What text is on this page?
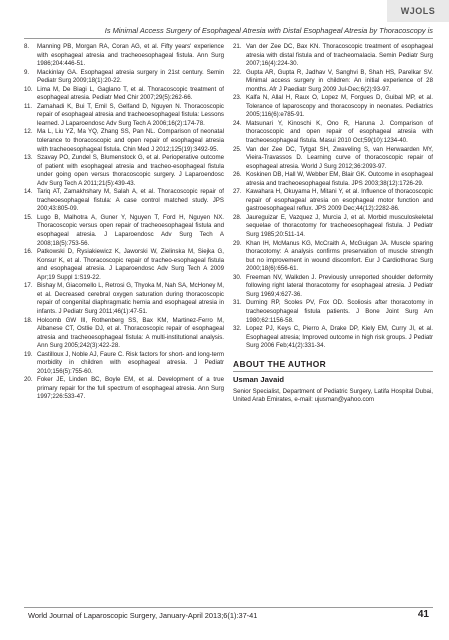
WJOLS
Is Minimal Access Surgery of Esophageal Atresia with Distal Esophageal Atresia by Thoracoscopy is
8.	Manning PB, Morgan RA, Coran AG, et al. Fifty years' experience with esophageal atresia and tracheoesophageal fistula. Ann Surg 1986;204:446-51.
9.	Mackinlay GA. Esophageal atresia surgery in 21st century. Semin Pediatr Surg 2009;18(1):20-22.
10. Lima M, De Biagi L, Gaglano T, et al. Thoracoscopic treatment of esophageal atresia. Pediatr Med Chir 2007;29(5):262-66.
11. Zamahadi K, Bui T, Emil S, Gelfand D, Nguyen N. Thoracoscopic repair of esophageal atresia and tracheoesophageal fistula: Lessons learned. J Laparoendosc Adv Surg Tech A 2006;16(2):174-78.
12. Ma L, Liu YZ, Ma YQ, Zhang SS, Pan NL. Comparison of neonatal tolerance to thoracoscopic and open repair of esophageal atresia with tracheoesophageal fistula. Chin Med J 2012;125(19):3492-95.
13. Szavay PO, Zundel S, Blumenstock G, et al. Perioperative outcome of patient with esophageal atresia and tracheo-esophageal fistula under going open versus thoracoscopic surgery. J Laparoendosc Adv Surg Tech A 2011;21(5):439-43.
14. Tariq AT, Zamakhshary M, Salah A, et al. Thoracoscopic repair of tracheoesophageal fistula: A case control matched study. JPS 200;43:805-09.
15. Lugo B, Malhotra A, Guner Y, Nguyen T, Ford H, Nguyen NX. Thoracoscopic versus open repair of tracheoesophageal fistula and esophageal atresia. J Laparoendosc Adv Surg Tech A 2008;18(5):753-56.
16. Patkowski D, Rysiakiewicz K, Jaworski W, Zielinska M, Siejka G, Konsur K, et al. Thoracoscopic repair of tracheo-esophageal fistula and esophageal atresia. J Laparoendosc Adv Surg Tech A 2009 Apr;19 Suppl 1:S19-22.
17. Bishay M, Giacomello L, Retrosi G, Thyoka M, Nah SA, McHoney M, et al. Decreased cerebral oxygen saturation during thoracoscopic repair of congenital diaphragmatic hernia and esophageal atresia in infants. J Pediatr Surg 2011;46(1):47-51.
18. Holcomb GW III, Rothenberg SS, Bax KM, Martinez-Ferro M, Albanese CT, Ostlie DJ, et al. Thoracoscopic repair of esophageal atresia and tracheoesophageal fistula: A multi-institutional analysis. Ann Surg 2005;242(3):422-28.
19. Castilloux J, Noble AJ, Faure C. Risk factors for short- and long-term morbidity in children with esophageal atresia. J Pediatr 2010;156(5):755-60.
20. Foker JE, Linden BC, Boyle EM, et al. Development of a true primary repair for the full spectrum of esophageal atresia. Ann Surg 1997;226:533-47.
21. Van der Zee DC, Bax KN. Thoracoscopic treatment of esophageal atresia with distal fistula and of tracheomalacia. Semin Pediatr Surg 2007;16(4):224-30.
22. Gupta AR, Gupta R, Jadhav V, Sanghvi B, Shah HS, Parelkar SV. Minimal access surgery in children: An initial experience of 28 months. Afr J Paediatr Surg 2009 Jul-Dec;6(2):93-97.
23. Kalfa N, Allal H, Raux O, Lopez M, Forgues D, Guibal MP, et al. Tolerance of laparoscopy and thoracoscopy in neonates. Pediatrics 2005;116(6):e785-91.
24. Matsunari Y, Kinoschi K, Ono R, Haruna J. Comparison of thoracoscopic and open repair of esophageal atresia with tracheoesophageal fistula. Masui 2010 Oct;59(10):1234-40.
25. Van der Zee DC, Tytgat SH, Zwaveling S, van Herwaarden MY, Vieira-Travassos D. Learning curve of thoracoscopic repair of esophageal atresia. World J Surg 2012;36:2093-97.
26. Koskinen DB, Hall W, Webber EM, Blair GK. Outcome in esophageal atresia and tracheoesophageal fistula. JPS 2003;38(12):1726-29.
27. Kawahara H, Okuyama H, Mitani Y, et al. Influence of thoracoscopic repair of esophageal atresia on esophageal motor function and gastroesophageal reflux. JPS 2009 Dec;44(12):2282-86.
28. Jaureguizar E, Vazquez J, Murcia J, et al. Morbid musculoskeletal sequelae of thoracotomy for tracheoesophageal fistula. J Pediatr Surg 1985;20:511-14.
29. Khan IH, McManus KG, McCraith A, McGuigan JA. Muscle sparing thoracotomy: A analysis confirms preservation of muscle strength but no improvement in wound discomfort. Eur J Cardiothorac Surg 2000;18(6):656-61.
30. Freeman NV, Walkden J. Previously unreported shoulder deformity following right lateral thoracotomy for esophageal atresia. J Pediatr Surg 1969;4:627-36.
31. Durning RP, Scoles PV, Fox OD. Scoliosis after thoracotomy in tracheoesophageal fistula patients. J Bone Joint Surg Am 1980;62:1156-58.
32. Lopez PJ, Keys C, Pierro A, Drake DP, Kiely EM, Curry JI, et al. Esophageal atresia; Improved outcome in high risk groups. J Pediatr Surg 2006 Feb;41(2):331-34.
ABOUT THE AUTHOR
Usman Javaid
Senior Specialist, Department of Pediatric Surgery, Latifa Hospital Dubai, United Arab Emirates, e-mail: ujusman@yahoo.com
World Journal of Laparoscopic Surgery, January-April 2013;6(1):37-41	41
